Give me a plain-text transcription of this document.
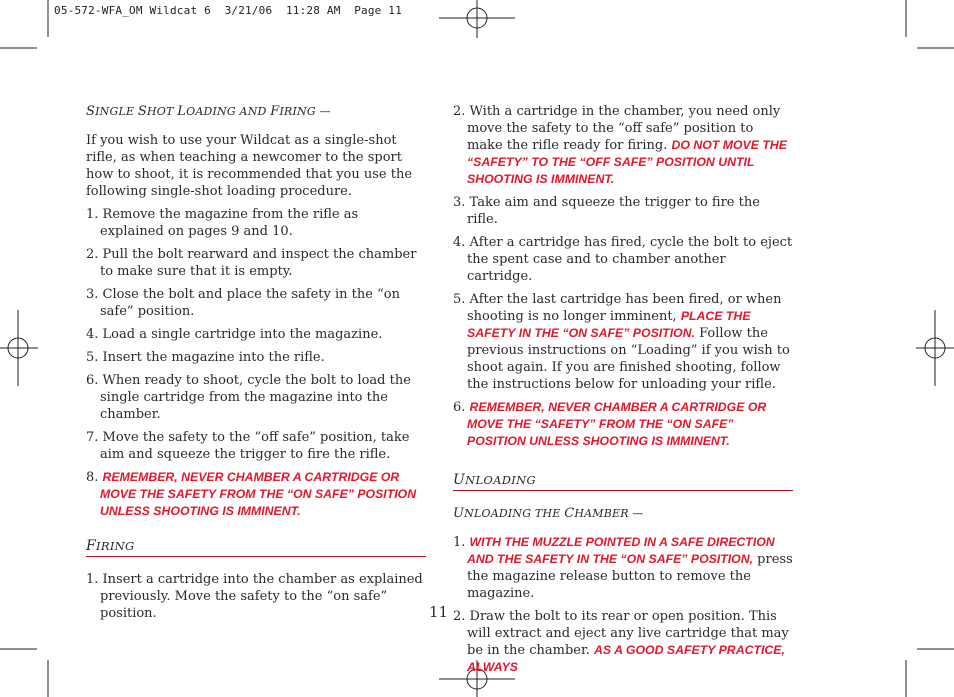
05-572-WFA_OM Wildcat 6  3/21/06  11:28 AM  Page 11
SINGLE SHOT LOADING AND FIRING —

If you wish to use your Wildcat as a single-shot rifle, as when teaching a newcomer to the sport how to shoot, it is recommended that you use the following single-shot loading procedure.

1. Remove the magazine from the rifle as explained on pages 9 and 10.
2. Pull the bolt rearward and inspect the chamber to make sure that it is empty.
3. Close the bolt and place the safety in the “on safe” position.
4. Load a single cartridge into the magazine.
5. Insert the magazine into the rifle.
6. When ready to shoot, cycle the bolt to load the single cartridge from the magazine into the chamber.
7. Move the safety to the “off safe” position, take aim and squeeze the trigger to fire the rifle.
8. REMEMBER, NEVER CHAMBER A CARTRIDGE OR MOVE THE SAFETY FROM THE “ON SAFE” POSITION UNLESS SHOOTING IS IMMINENT.
FIRING
1. Insert a cartridge into the chamber as explained previously. Move the safety to the “on safe” position.
2. With a cartridge in the chamber, you need only move the safety to the “off safe” position to make the rifle ready for firing. DO NOT MOVE THE “SAFETY” TO THE “OFF SAFE” POSITION UNTIL SHOOTING IS IMMINENT.
3. Take aim and squeeze the trigger to fire the rifle.
4. After a cartridge has fired, cycle the bolt to eject the spent case and to chamber another cartridge.
5. After the last cartridge has been fired, or when shooting is no longer imminent, PLACE THE SAFETY IN THE “ON SAFE” POSITION. Follow the previous instructions on “Loading” if you wish to shoot again. If you are finished shooting, follow the instructions below for unloading your rifle.
6. REMEMBER, NEVER CHAMBER A CARTRIDGE OR MOVE THE “SAFETY” FROM THE “ON SAFE” POSITION UNLESS SHOOTING IS IMMINENT.
UNLOADING
UNLOADING THE CHAMBER —
1. WITH THE MUZZLE POINTED IN A SAFE DIRECTION AND THE SAFETY IN THE “ON SAFE” POSITION, press the magazine release button to remove the magazine.
2. Draw the bolt to its rear or open position. This will extract and eject any live cartridge that may be in the chamber. AS A GOOD SAFETY PRACTICE, ALWAYS
11
